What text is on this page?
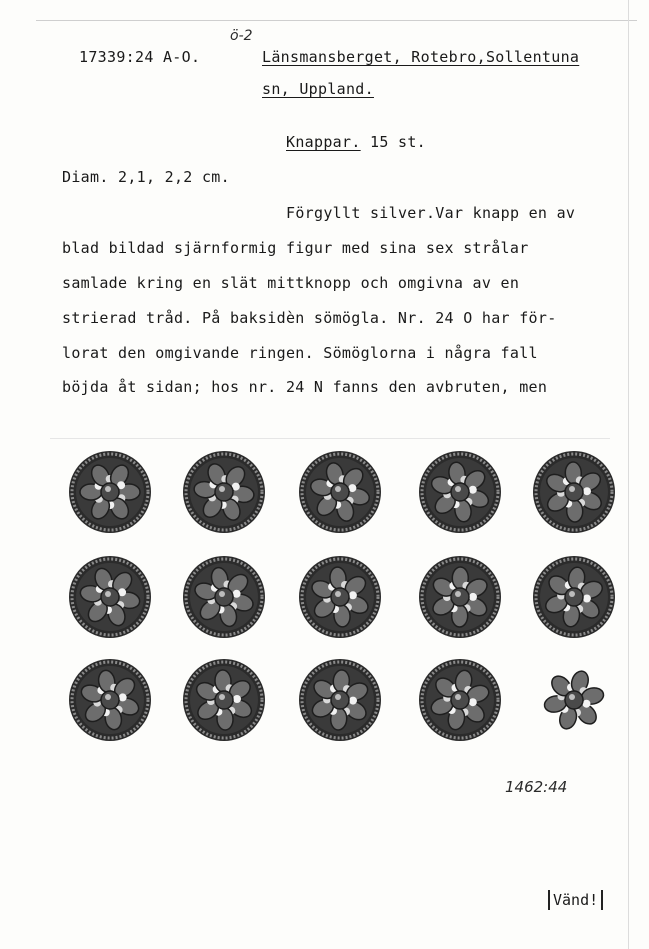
ö-2
17339:24 A-O.	Länsmansberget, Rotebro,Sollentuna
sn, Uppland.
Knappar. 15 st.
Diam. 2,1, 2,2 cm.
Förgyllt silver.Var knapp en av
blad bildad sjärnformig figur med sina sex strålar
samlade kring en slät mittknopp och omgivna av en
strierad tråd. På baksidèn sömögla. Nr. 24 O har för-
lorat den omgivande ringen. Sömöglorna i några fall
böjda åt sidan; hos nr. 24 N fanns den avbruten, men
1462:44
Vänd!
